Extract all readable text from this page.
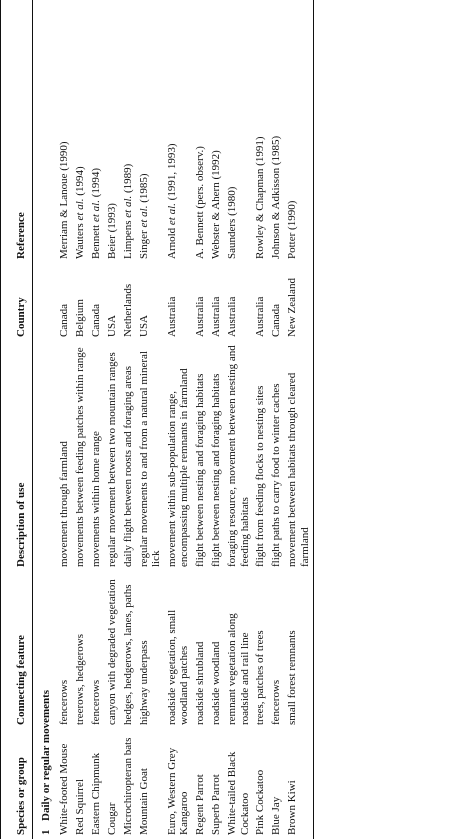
Species or group	Connecting feature	Description of use	Country	Reference
1Daily or regular movements				
White-footed Mouse	fencerows	movement through farmland	Canada	Merriam & Lanoue (1990)
Red Squirrel	treerows, hedgerows	movements between feeding patches within range	Belgium	Wauters et al. (1994)
Eastern Chipmunk	fencerows	movements within home range	Canada	Bennett et al. (1994)
Cougar	canyon with degraded vegetation	regular movement between two mountain ranges	USA	Beier (1993)
Microchiropteran bats	hedges, hedgerows, lanes, paths	daily flight between roosts and foraging areas	Netherlands	Limpens et al. (1989)
Mountain Goat	highway underpass	regular movements to and from a natural mineral lick	USA	Singer et al. (1985)
Euro, Western Grey Kangaroo	roadside vegetation, small woodland patches	movement within sub-population range, encompassing multiple remnants in farmland	Australia	Arnold et al. (1991, 1993)
Regent Parrot	roadside shrubland	flight between nesting and foraging habitats	Australia	A. Bennett (pers. observ.)
Superb Parrot	roadside woodland	flight between nesting and foraging habitats	Australia	Webster & Ahern (1992)
White-tailed Black Cockatoo	remnant vegetation along roadside and rail line	foraging resource, movement between nesting and feeding habitats	Australia	Saunders (1980)
Pink Cockatoo	trees, patches of trees	flight from feeding flocks to nesting sites	Australia	Rowley & Chapman (1991)
Blue Jay	fencerows	flight paths to carry food to winter caches	Canada	Johnson & Adkisson (1985)
Brown Kiwi	small forest remnants	movement between habitats through cleared farmland	New Zealand	Potter (1990)
